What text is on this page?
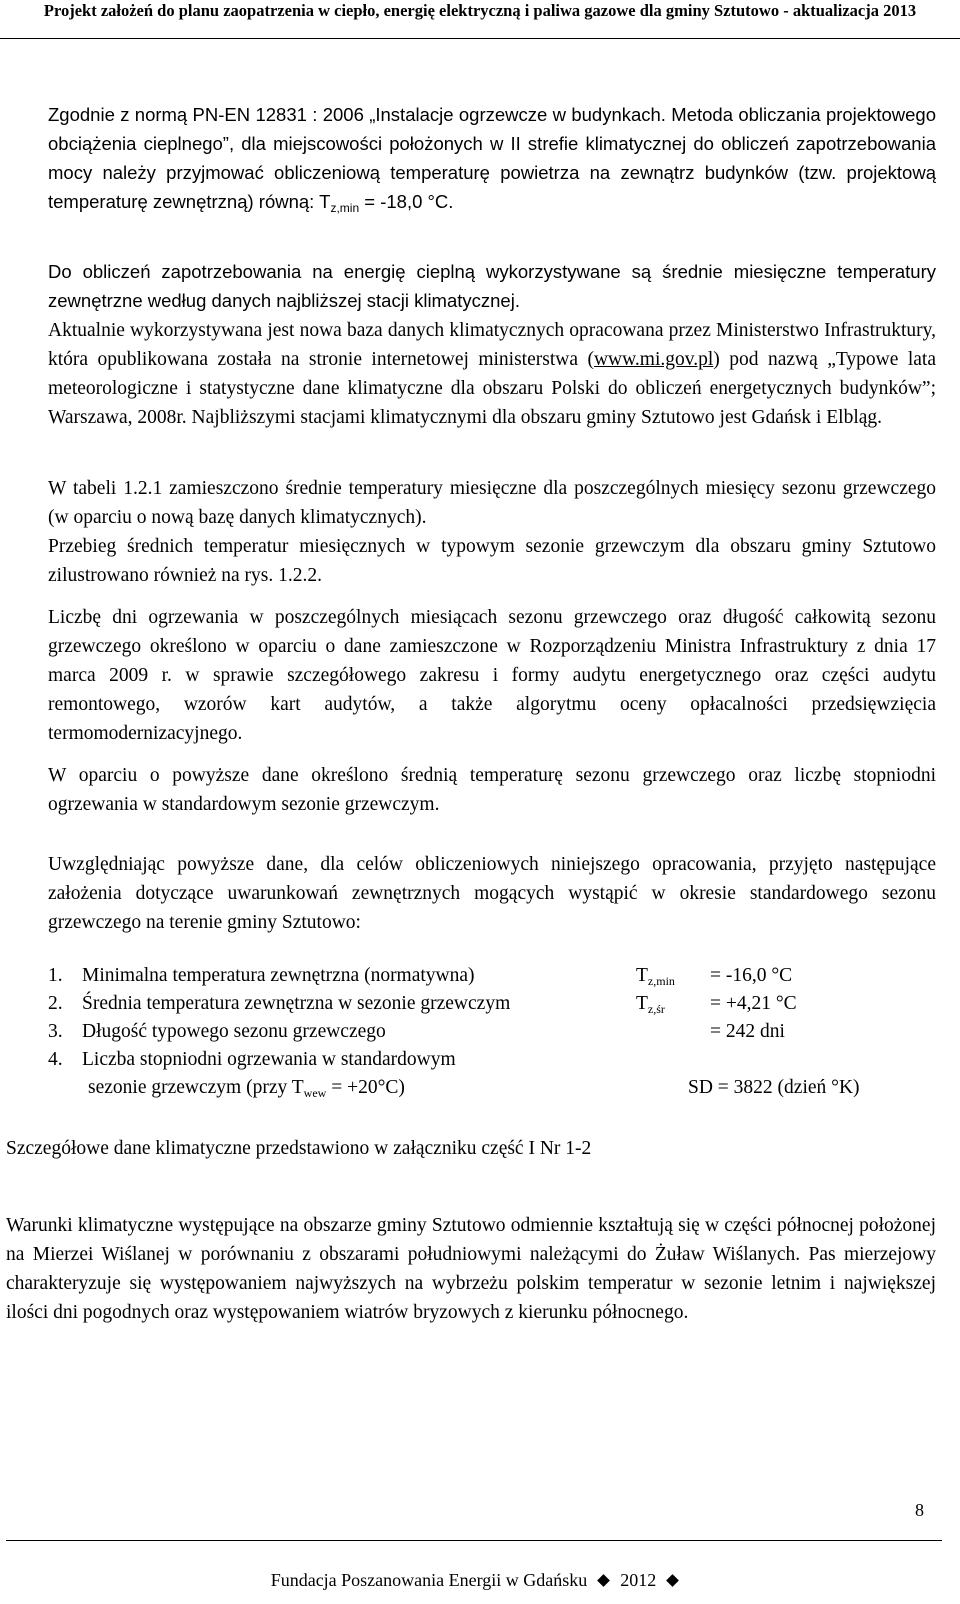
Projekt założeń do planu zaopatrzenia w ciepło, energię elektryczną i paliwa gazowe dla gminy Sztutowo - aktualizacja 2013
Zgodnie z normą PN-EN 12831 : 2006 „Instalacje ogrzewcze w budynkach. Metoda obliczania projektowego obciążenia cieplnego”, dla miejscowości położonych w II strefie klimatycznej do obliczeń zapotrzebowania mocy należy przyjmować obliczeniową temperaturę powietrza na zewnątrz budynków (tzw. projektową temperaturę zewnętrzną) równą: $T_{z,min} = -18,0$ °C.
Do obliczeń zapotrzebowania na energię cieplną wykorzystywane są średnie miesięczne temperatury zewnętrzne według danych najbliższej stacji klimatycznej.
Aktualnie wykorzystywana jest nowa baza danych klimatycznych opracowana przez Ministerstwo Infrastruktury, która opublikowana została na stronie internetowej ministerstwa (www.mi.gov.pl) pod nazwą „Typowe lata meteorologiczne i statystyczne dane klimatyczne dla obszaru Polski do obliczeń energetycznych budynków”; Warszawa, 2008r. Najbliższymi stacjami klimatycznymi dla obszaru gminy Sztutowo jest Gdańsk i Elbląg.
W tabeli 1.2.1 zamieszczono średnie temperatury miesięczne dla poszczególnych miesięcy sezonu grzewczego (w oparciu o nową bazę danych klimatycznych).
Przebieg średnich temperatur miesięcznych w typowym sezonie grzewczym dla obszaru gminy Sztutowo zilustrowano również na rys. 1.2.2.
Liczbę dni ogrzewania w poszczególnych miesiącach sezonu grzewczego oraz długość całkowitą sezonu grzewczego określono w oparciu o dane zamieszczone w Rozporządzeniu Ministra Infrastruktury z dnia 17 marca 2009 r. w sprawie szczegółowego zakresu i formy audytu energetycznego oraz części audytu remontowego, wzorów kart audytów, a także algorytmu oceny opłacalności przedsięwzięcia termomodernizacyjnego.
W oparciu o powyższe dane określono średnią temperaturę sezonu grzewczego oraz liczbę stopniodni ogrzewania w standardowym sezonie grzewczym.
Uwzględniając powyższe dane, dla celów obliczeniowych niniejszego opracowania, przyjęto następujące założenia dotyczące uwarunkowań zewnętrznych mogących wystąpić w okresie standardowego sezonu grzewczego na terenie gminy Sztutowo:
1. Minimalna temperatura zewnętrzna (normatywna)	$T_{z,min} = -16,0$ °C
2. Średnia temperatura zewnętrzna w sezonie grzewczym	$T_{z,śr} = +4,21$ °C
3. Długość typowego sezonu grzewczego	= 242 dni
4. Liczba stopniodni ogrzewania w standardowym
sezonie grzewczym (przy $T_{wew} = +20^\circ C$)	SD = 3822 (dzień °K)
Szczegółowe dane klimatyczne przedstawiono w załączniku część I Nr 1-2
Warunki klimatyczne występujące na obszarze gminy Sztutowo odmiennie kształtują się w części północnej położonej na Mierzei Wiślanej w porównaniu z obszarami południowymi należącymi do Żuław Wiślanych. Pas mierzejowy charakteryzuje się występowaniem najwyższych na wybrzeżu polskim temperatur w sezonie letnim i największej ilości dni pogodnych oraz występowaniem wiatrów bryzowych z kierunku północnego.
8
Fundacja Poszanowania Energii w Gdańsku 2012
